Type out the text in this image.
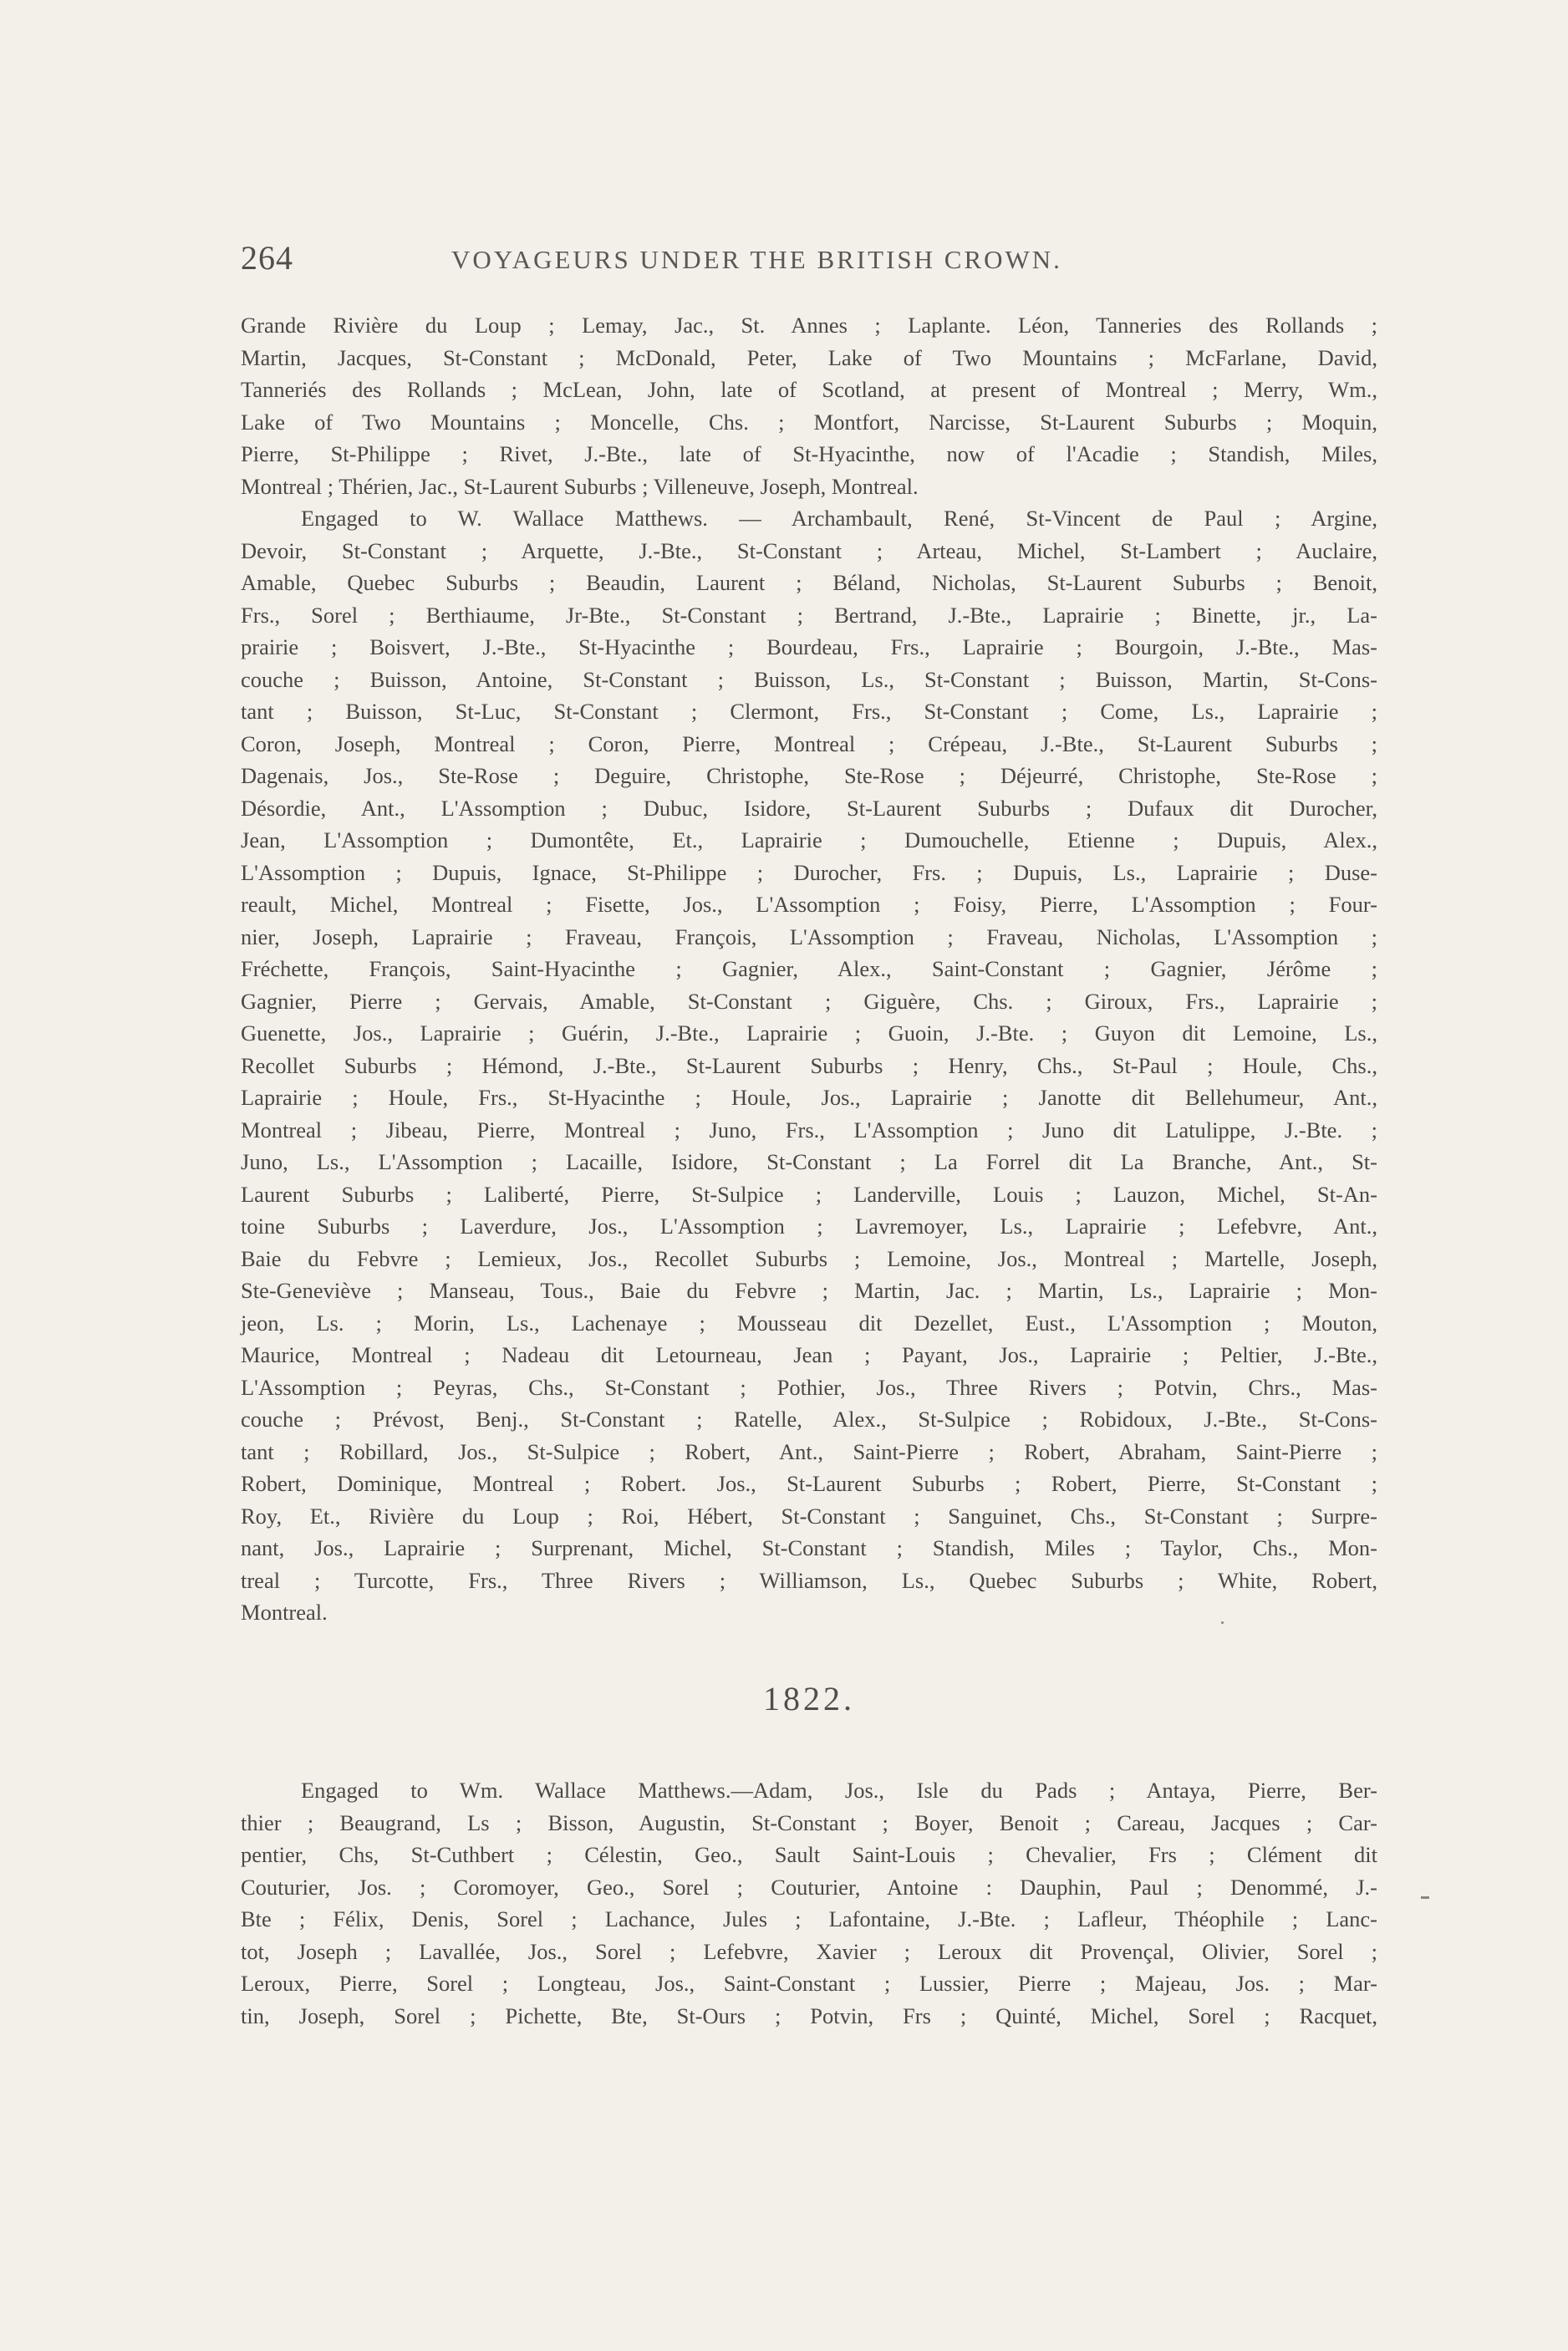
264	VOYAGEURS UNDER THE BRITISH CROWN.
Grande Rivière du Loup ; Lemay, Jac., St. Annes ; Laplante. Léon, Tanneries des Rollands ;
Martin, Jacques, St-Constant ; McDonald, Peter, Lake of Two Mountains ; McFarlane, David,
Tanneriés des Rollands ; McLean, John, late of Scotland, at present of Montreal ; Merry, Wm.,
Lake of Two Mountains ; Moncelle, Chs. ; Montfort, Narcisse, St-Laurent Suburbs ; Moquin,
Pierre, St-Philippe ; Rivet, J.-Bte., late of St-Hyacinthe, now of l'Acadie ; Standish, Miles,
Montreal ; Thérien, Jac., St-Laurent Suburbs ; Villeneuve, Joseph, Montreal.
Engaged to W. Wallace Matthews. — Archambault, René, St-Vincent de Paul ; Argine,
Devoir, St-Constant ; Arquette, J.-Bte., St-Constant ; Arteau, Michel, St-Lambert ; Auclaire,
Amable, Quebec Suburbs ; Beaudin, Laurent ; Béland, Nicholas, St-Laurent Suburbs ; Benoit,
Frs., Sorel ; Berthiaume, Jr-Bte., St-Constant ; Bertrand, J.-Bte., Laprairie ; Binette, jr., La-
prairie ; Boisvert, J.-Bte., St-Hyacinthe ; Bourdeau, Frs., Laprairie ; Bourgoin, J.-Bte., Mas-
couche ; Buisson, Antoine, St-Constant ; Buisson, Ls., St-Constant ; Buisson, Martin, St-Cons-
tant ; Buisson, St-Luc, St-Constant ; Clermont, Frs., St-Constant ; Come, Ls., Laprairie ;
Coron, Joseph, Montreal ; Coron, Pierre, Montreal ; Crépeau, J.-Bte., St-Laurent Suburbs ;
Dagenais, Jos., Ste-Rose ; Deguire, Christophe, Ste-Rose ; Déjeurré, Christophe, Ste-Rose ;
Désordie, Ant., L'Assomption ; Dubuc, Isidore, St-Laurent Suburbs ; Dufaux dit Durocher,
Jean, L'Assomption ; Dumontête, Et., Laprairie ; Dumouchelle, Etienne ; Dupuis, Alex.,
L'Assomption ; Dupuis, Ignace, St-Philippe ; Durocher, Frs. ; Dupuis, Ls., Laprairie ; Duse-
reault, Michel, Montreal ; Fisette, Jos., L'Assomption ; Foisy, Pierre, L'Assomption ; Four-
nier, Joseph, Laprairie ; Fraveau, François, L'Assomption ; Fraveau, Nicholas, L'Assomption ;
Fréchette, François, Saint-Hyacinthe ; Gagnier, Alex., Saint-Constant ; Gagnier, Jérôme ;
Gagnier, Pierre ; Gervais, Amable, St-Constant ; Giguère, Chs. ; Giroux, Frs., Laprairie ;
Guenette, Jos., Laprairie ; Guérin, J.-Bte., Laprairie ; Guoin, J.-Bte. ; Guyon dit Lemoine, Ls.,
Recollet Suburbs ; Hémond, J.-Bte., St-Laurent Suburbs ; Henry, Chs., St-Paul ; Houle, Chs.,
Laprairie ; Houle, Frs., St-Hyacinthe ; Houle, Jos., Laprairie ; Janotte dit Bellehumeur, Ant.,
Montreal ; Jibeau, Pierre, Montreal ; Juno, Frs., L'Assomption ; Juno dit Latulippe, J.-Bte. ;
Juno, Ls., L'Assomption ; Lacaille, Isidore, St-Constant ; La Forrel dit La Branche, Ant., St-
Laurent Suburbs ; Laliberté, Pierre, St-Sulpice ; Landerville, Louis ; Lauzon, Michel, St-An-
toine Suburbs ; Laverdure, Jos., L'Assomption ; Lavremoyer, Ls., Laprairie ; Lefebvre, Ant.,
Baie du Febvre ; Lemieux, Jos., Recollet Suburbs ; Lemoine, Jos., Montreal ; Martelle, Joseph,
Ste-Geneviève ; Manseau, Tous., Baie du Febvre ; Martin, Jac. ; Martin, Ls., Laprairie ; Mon-
jeon, Ls. ; Morin, Ls., Lachenaye ; Mousseau dit Dezellet, Eust., L'Assomption ; Mouton,
Maurice, Montreal ; Nadeau dit Letourneau, Jean ; Payant, Jos., Laprairie ; Peltier, J.-Bte.,
L'Assomption ; Peyras, Chs., St-Constant ; Pothier, Jos., Three Rivers ; Potvin, Chrs., Mas-
couche ; Prévost, Benj., St-Constant ; Ratelle, Alex., St-Sulpice ; Robidoux, J.-Bte., St-Cons-
tant ; Robillard, Jos., St-Sulpice ; Robert, Ant., Saint-Pierre ; Robert, Abraham, Saint-Pierre ;
Robert, Dominique, Montreal ; Robert. Jos., St-Laurent Suburbs ; Robert, Pierre, St-Constant ;
Roy, Et., Rivière du Loup ; Roi, Hébert, St-Constant ; Sanguinet, Chs., St-Constant ; Surpre-
nant, Jos., Laprairie ; Surprenant, Michel, St-Constant ; Standish, Miles ; Taylor, Chs., Mon-
treal ; Turcotte, Frs., Three Rivers ; Williamson, Ls., Quebec Suburbs ; White, Robert,
Montreal.
1822.
Engaged to Wm. Wallace Matthews.—Adam, Jos., Isle du Pads ; Antaya, Pierre, Ber-
thier ; Beaugrand, Ls ; Bisson, Augustin, St-Constant ; Boyer, Benoit ; Careau, Jacques ; Car-
pentier, Chs, St-Cuthbert ; Célestin, Geo., Sault Saint-Louis ; Chevalier, Frs ; Clément dit
Couturier, Jos. ; Coromoyer, Geo., Sorel ; Couturier, Antoine : Dauphin, Paul ; Denommé, J.-
Bte ; Félix, Denis, Sorel ; Lachance, Jules ; Lafontaine, J.-Bte. ; Lafleur, Théophile ; Lanc-
tot, Joseph ; Lavallée, Jos., Sorel ; Lefebvre, Xavier ; Leroux dit Provençal, Olivier, Sorel ;
Leroux, Pierre, Sorel ; Longteau, Jos., Saint-Constant ; Lussier, Pierre ; Majeau, Jos. ; Mar-
tin, Joseph, Sorel ; Pichette, Bte, St-Ours ; Potvin, Frs ; Quinté, Michel, Sorel ; Racquet,
